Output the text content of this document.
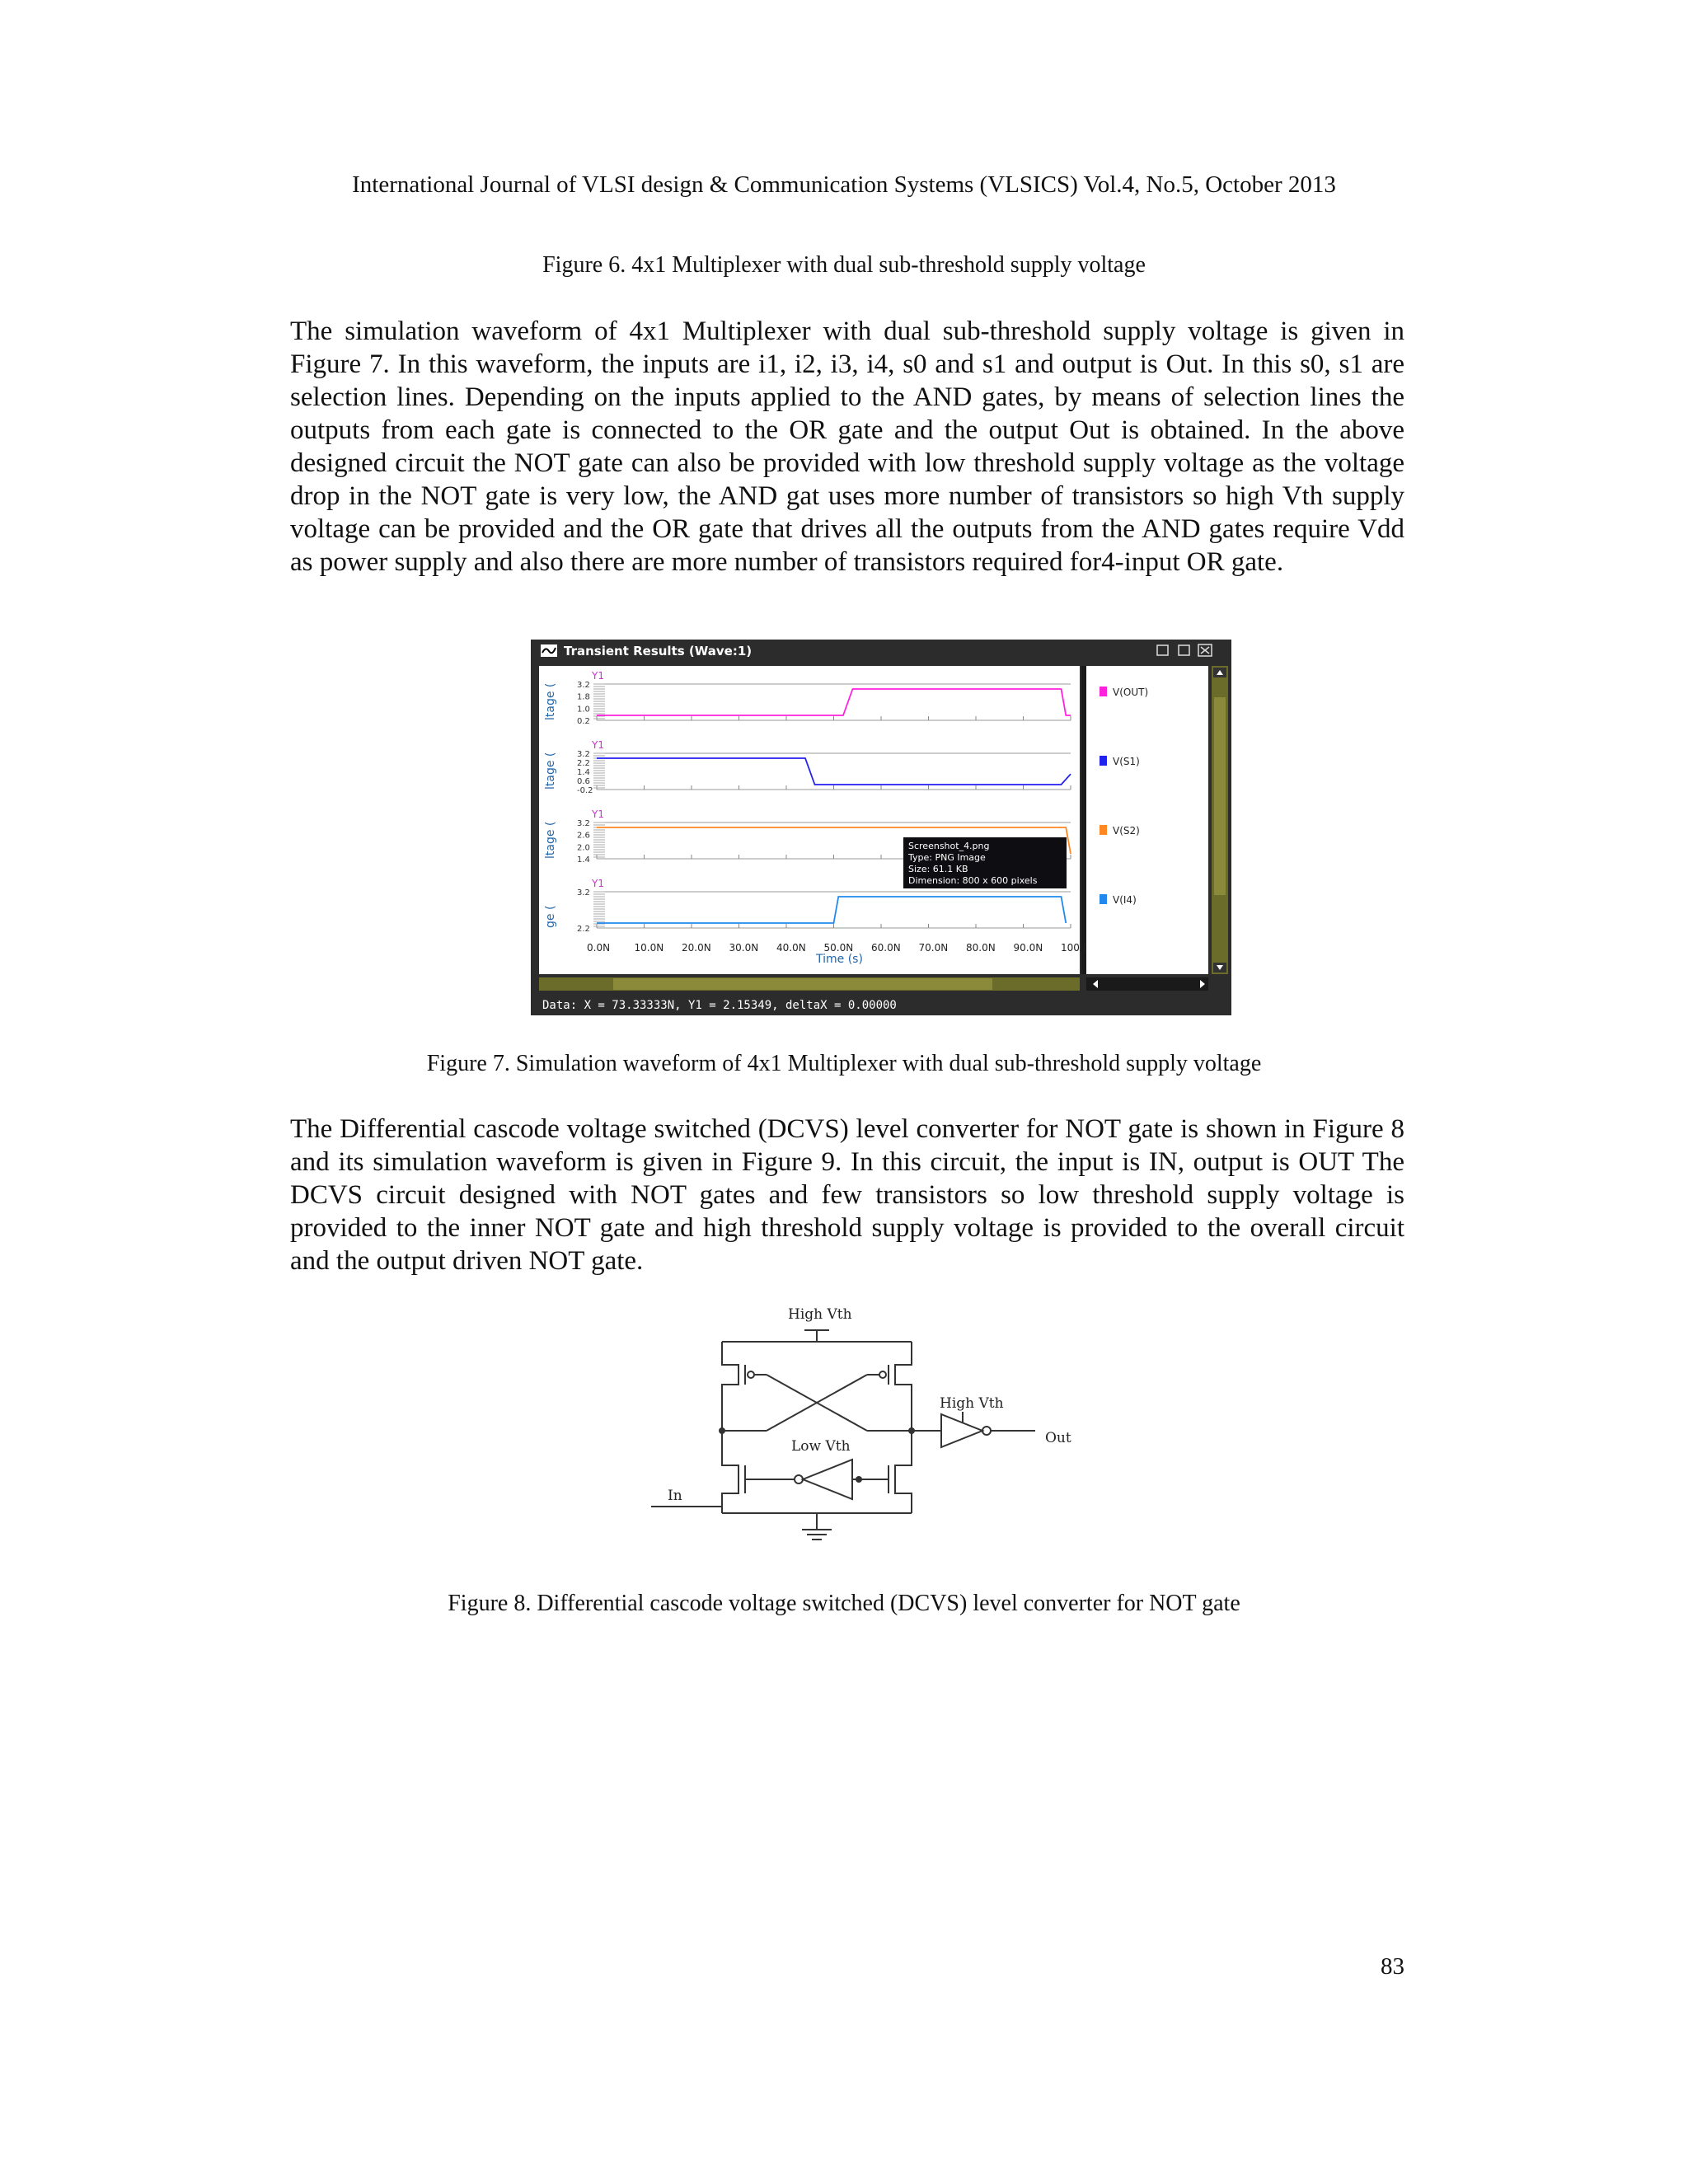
International Journal of VLSI design & Communication Systems (VLSICS) Vol.4, No.5, October 2013
Figure 6. 4x1 Multiplexer with dual sub-threshold supply voltage
The simulation waveform of 4x1 Multiplexer with dual sub-threshold supply voltage is given in Figure 7. In this waveform, the inputs are i1, i2, i3, i4, s0 and s1 and output is Out. In this s0, s1 are selection lines. Depending on the inputs applied to the AND gates, by means of selection lines the outputs from each gate is connected to the OR gate and the output Out is obtained. In the above designed circuit the NOT gate can also be provided with low threshold supply voltage as the voltage drop in the NOT gate is very low, the AND gat uses more number of transistors so high Vth supply voltage can be provided and the OR gate that drives all the outputs from the AND gates require Vdd as power supply and also there are more number of transistors required for4-input OR gate.
Transient Results (Wave:1)
Data: X = 73.33333N, Y1 = 2.15349, deltaX = 0.00000
Y1
ltage ( 3.2
1.8
1.0
0.2
Y1
ltage ( 3.2
2.2
1.4
0.6
-0.2
Y1
ltage ( 3.2
2.6
2.0
1.4
Y1
ge (
3.2
2.2
0.0N 10.0N 20.0N 30.0N 40.0N 50.0N 60.0N 70.0N 80.0N 90.0N 100.(
Time (s)
Screenshot_4.png
Type: PNG Image
Size: 61.1 KB
Dimension: 800 x 600 pixels
V(OUT)
V(S1)
V(S2)
V(I4)
Figure 7. Simulation waveform of 4x1 Multiplexer with dual sub-threshold supply voltage
The Differential cascode voltage switched (DCVS) level converter for NOT gate is shown in Figure 8 and its simulation waveform is given in Figure 9. In this circuit, the input is IN, output is OUT The DCVS circuit designed with NOT gates and few transistors so low threshold supply voltage is provided to the inner NOT gate and high threshold supply voltage is provided to the overall circuit and the output driven NOT gate.
High Vth
High Vth
Low Vth
In
Out
Figure 8. Differential cascode voltage switched (DCVS) level converter for NOT gate
83
